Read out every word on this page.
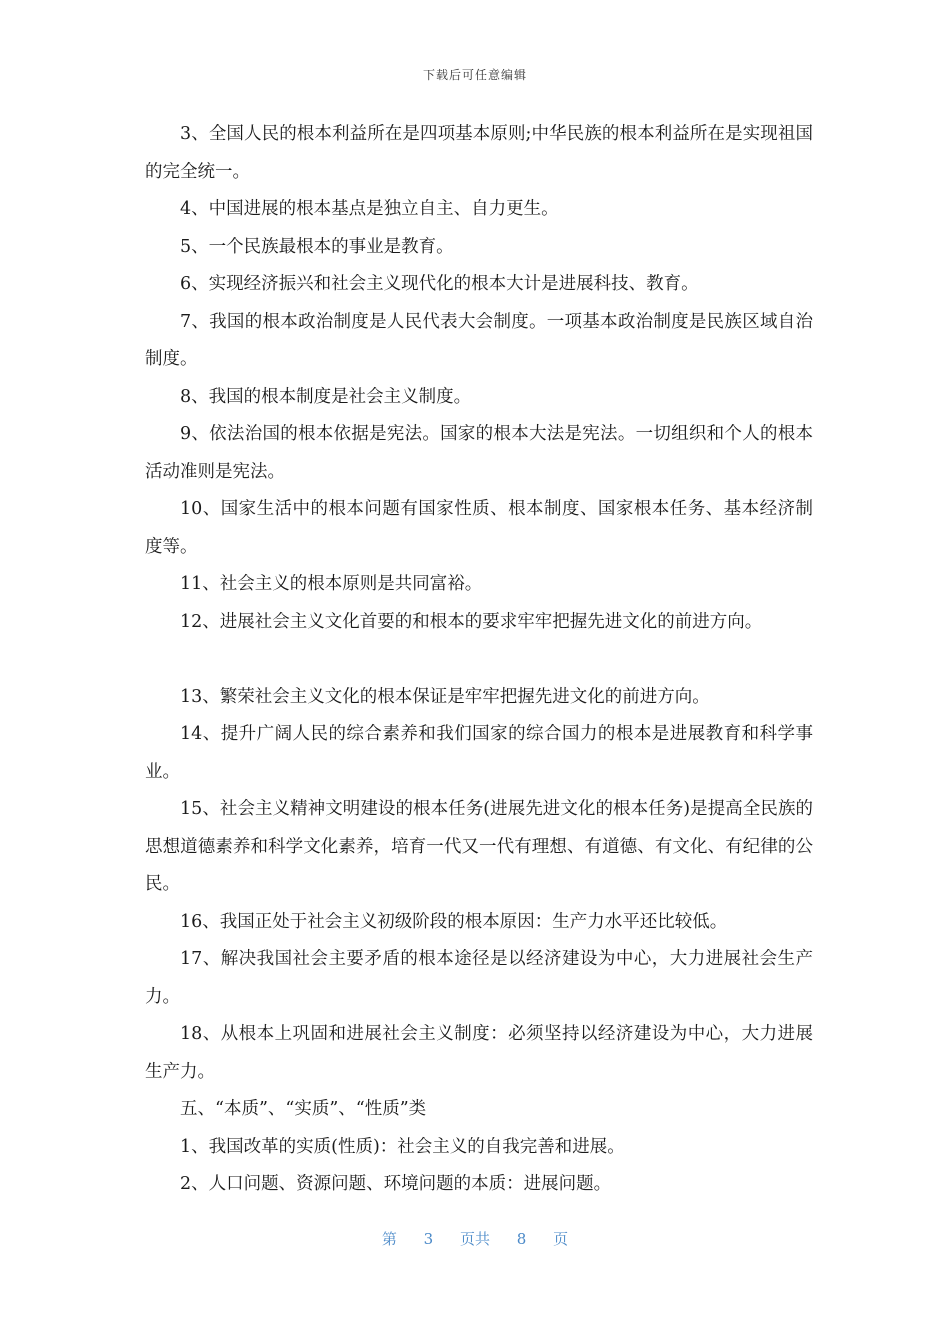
下载后可任意编辑

3、全国人民的根本利益所在是四项基本原则;中华民族的根本利益所在是实现祖国的完全统一。

4、中国进展的根本基点是独立自主、自力更生。

5、一个民族最根本的事业是教育。

6、实现经济振兴和社会主义现代化的根本大计是进展科技、教育。

7、我国的根本政治制度是人民代表大会制度。一项基本政治制度是民族区域自治制度。

8、我国的根本制度是社会主义制度。

9、依法治国的根本依据是宪法。国家的根本大法是宪法。一切组织和个人的根本活动准则是宪法。

10、国家生活中的根本问题有国家性质、根本制度、国家根本任务、基本经济制度等。

11、社会主义的根本原则是共同富裕。

12、进展社会主义文化首要的和根本的要求牢牢把握先进文化的前进方向。

13、繁荣社会主义文化的根本保证是牢牢把握先进文化的前进方向。

14、提升广阔人民的综合素养和我们国家的综合国力的根本是进展教育和科学事业。

15、社会主义精神文明建设的根本任务(进展先进文化的根本任务)是提高全民族的思想道德素养和科学文化素养，培育一代又一代有理想、有道德、有文化、有纪律的公民。

16、我国正处于社会主义初级阶段的根本原因：生产力水平还比较低。

17、解决我国社会主要矛盾的根本途径是以经济建设为中心，大力进展社会生产力。

18、从根本上巩固和进展社会主义制度：必须坚持以经济建设为中心，大力进展生产力。

五、“本质”、“实质”、“性质”类

1、我国改革的实质(性质)：社会主义的自我完善和进展。

2、人口问题、资源问题、环境问题的本质：进展问题。

第 3 页共 8 页
